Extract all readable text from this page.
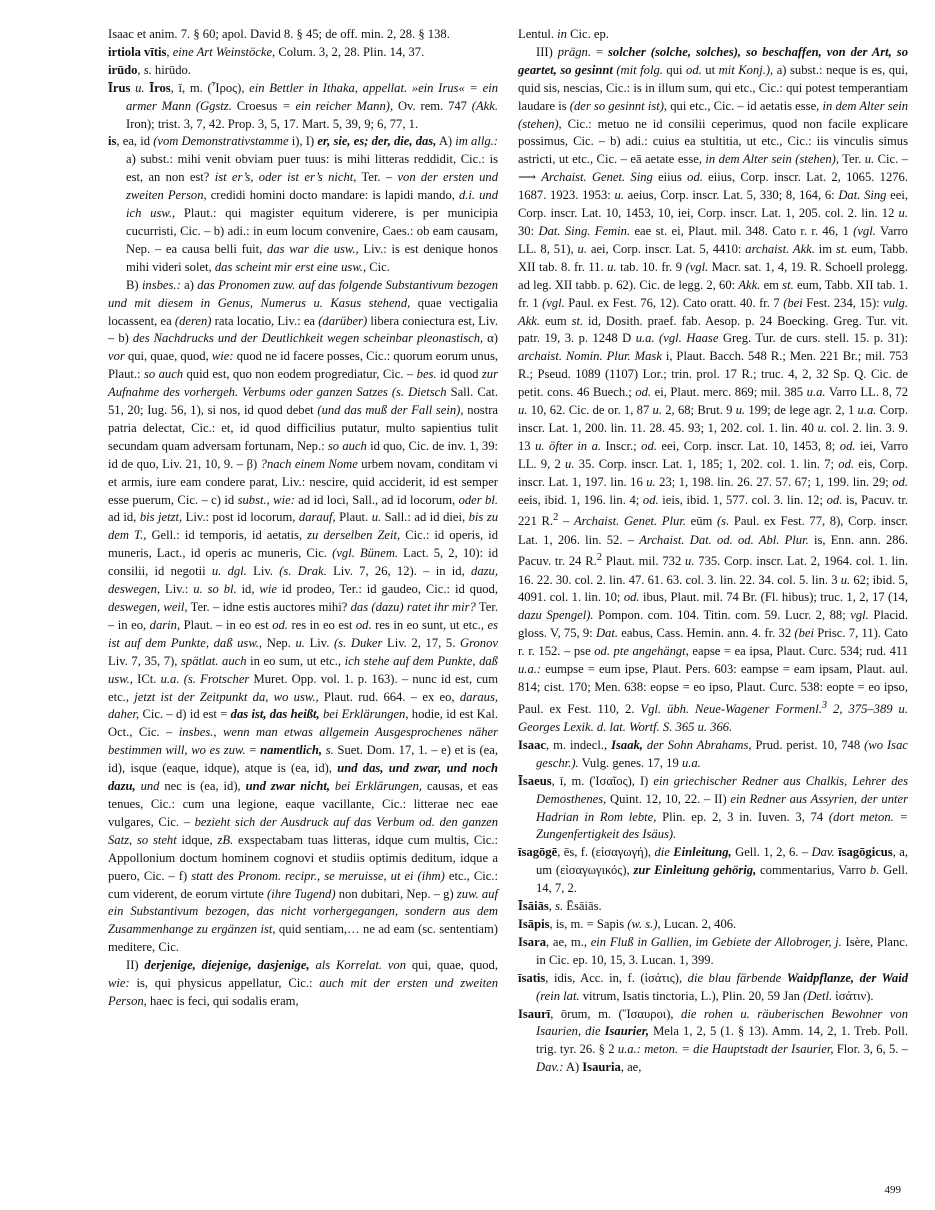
Isaac et anim. 7. § 60; apol. David 8. § 45; de off. min. 2, 28. § 138.

irtiola vītis, eine Art Weinstöcke, Colum. 3, 2, 28. Plin. 14, 37.

irūdo, s. hirūdo.

Īrus u. Īros, ī, m. (Ἶρος), ein Bettler in Ithaka, appellat. »ein Irus« = ein armer Mann (Ggstz. Croesus = ein reicher Mann), Ov. rem. 747 (Akk. Iron); trist. 3, 7, 42. Prop. 3, 5, 17. Mart. 5, 39, 9; 6, 77, 1.

is, ea, id (vom Demonstrativstamme i), I) er, sie, es; der, die, das, A) im allg.: a) subst.: mihi venit obviam puer tuus: is mihi litteras reddidit, Cic.: is est, an non est? ist er’s, oder ist er’s nicht, Ter. – von der ersten und zweiten Person, credidi homini docto mandare: is lapidi mando, d.i. und ich usw., Plaut.: qui magister equitum viderere, is per municipia cucurristi, Cic. – b) adi.: in eum locum convenire, Caes.: ob eam causam, Nep. – ea causa belli fuit, das war die usw., Liv.: is est denique honos mihi videri solet, das scheint mir erst eine usw., Cic.

B) insbes.: a) das Pronomen zuw. auf das folgende Substantivum bezogen und mit diesem in Genus, Numerus u. Kasus stehend, quae vectigalia locassent, ea (deren) rata locatio, Liv.: ea (darüber) libera coniectura est, Liv. – b) des Nachdrucks und der Deutlichkeit wegen scheinbar pleonastisch, α) vor qui, quae, quod, wie: quod ne id facere posses, Cic.: quorum eorum unus, Plaut.: so auch quid est, quo non eodem progrediatur, Cic. – bes. id quod zur Aufnahme des vorhergeh. Verbums oder ganzen Satzes (s. Dietsch Sall. Cat. 51, 20; Iug. 56, 1), si nos, id quod debet (und das muß der Fall sein), nostra patria delectat, Cic.: et, id quod difficilius putatur, multo sapientius tulit secundam quam adversam fortunam, Nep.: so auch id quo, Cic. de inv. 1, 39: id de quo, Liv. 21, 10, 9. – β) ?nach einem Nome urbem novam, conditam vi et armis, iure eam condere parat, Liv.: nescire, quid acciderit, id est semper esse puerum, Cic. – c) id subst., wie: ad id loci, Sall., ad id locorum, oder bl. ad id, bis jetzt, Liv.: post id locorum, darauf, Plaut. u. Sall.: ad id diei, bis zu dem T., Gell.: id temporis, id aetatis, zu derselben Zeit, Cic.: id operis, id muneris, Lact., id operis ac muneris, Cic. (vgl. Bünem. Lact. 5, 2, 10): id consilii, id negotii u. dgl. Liv. (s. Drak. Liv. 7, 26, 12). – in id, dazu, deswegen, Liv.: u. so bl. id, wie id prodeo, Ter.: id gaudeo, Cic.: id quod, deswegen, weil, Ter. – idne estis auctores mihi? das (dazu) ratet ihr mir? Ter. – in eo, darin, Plaut. – in eo est od. res in eo est od. res in eo sunt, ut etc., es ist auf dem Punkte, daß usw., Nep. u. Liv. (s. Duker Liv. 2, 17, 5. Gronov Liv. 7, 35, 7), spätlat. auch in eo sum, ut etc., ich stehe auf dem Punkte, daß usw., ICt. u.a. (s. Frotscher Muret. Opp. vol. 1. p. 163). – nunc id est, cum etc., jetzt ist der Zeitpunkt da, wo usw., Plaut. rud. 664. – ex eo, daraus, daher, Cic. – d) id est = das ist, das heißt, bei Erklärungen, hodie, id est Kal. Oct., Cic. – insbes., wenn man etwas allgemein Ausgesprochenes näher bestimmen will, wo es zuw. = namentlich, s. Suet. Dom. 17, 1. – e) et is (ea, id), isque (eaque, idque), atque is (ea, id), und das, und zwar, und noch dazu, und nec is (ea, id), und zwar nicht, bei Erklärungen, causas, et eas tenues, Cic.: cum una legione, eaque vacillante, Cic.: litterae nec eae vulgares, Cic. – bezieht sich der Ausdruck auf das Verbum od. den ganzen Satz, so steht idque, zB. exspectabam tuas litteras, idque cum multis, Cic.: Appollonium doctum hominem cognovi et studiis optimis deditum, idque a puero, Cic. – f) statt des Pronom. recipr., se meruisse, ut ei (ihm) etc., Cic.: cum viderent, de eorum virtute (ihre Tugend) non dubitari, Nep. – g) zuw. auf ein Substantivum bezogen, das nicht vorhergegangen, sondern aus dem Zusammenhange zu ergänzen ist, quid sentiam,… ne ad eam (sc. sententiam) meditere, Cic.

II) derjenige, diejenige, dasjenige, als Korrelat. von qui, quae, quod, wie: is, qui physicus appellatur, Cic.: auch mit der ersten und zweiten Person, haec is feci, qui sodalis eram,

Lentul. in Cic. ep.

III) prägn. = solcher (solche, solches), so beschaffen, von der Art, so geartet, so gesinnt (mit folg. qui od. ut mit Konj.), a) subst.: neque is es, qui, quid sis, nescias, Cic.: is in illum sum, qui etc., Cic.: qui potest temperantiam laudare is (der so gesinnt ist), qui etc., Cic. – id aetatis esse, in dem Alter sein (stehen), Cic.: metuo ne id consilii ceperimus, quod non facile explicare possimus, Cic. – b) adi.: cuius ea stultitia, ut etc., Cic.: iis vinculis simus astricti, ut etc., Cic. – eā aetate esse, in dem Alter sein (stehen), Ter. u. Cic. – ⟶ Archaist. Genet. Sing eiius od. eiius, Corp. inscr. Lat. 2, 1065. 1276. 1687. 1923. 1953: u. aeius, Corp. inscr. Lat. 5, 330; 8, 164, 6: Dat. Sing eei, Corp. inscr. Lat. 10, 1453, 10, iei, Corp. inscr. Lat. 1, 205. col. 2. lin. 12 u. 30: Dat. Sing. Femin. eae st. ei, Plaut. mil. 348. Cato r. r. 46, 1 (vgl. Varro LL. 8, 51), u. aei, Corp. inscr. Lat. 5, 4410: archaist. Akk. im st. eum, Tabb. XII tab. 8. fr. 11. u. tab. 10. fr. 9 (vgl. Macr. sat. 1, 4, 19. R. Schoell prolegg. ad leg. XII tabb. p. 62). Cic. de legg. 2, 60: Akk. em st. eum, Tabb. XII tab. 1. fr. 1 (vgl. Paul. ex Fest. 76, 12). Cato oratt. 40. fr. 7 (bei Fest. 234, 15): vulg. Akk. eum st. id, Dosith. praef. fab. Aesop. p. 24 Boecking. Greg. Tur. vit. patr. 19, 3. p. 1248 D u.a. (vgl. Haase Greg. Tur. de curs. stell. 15. p. 31): archaist. Nomin. Plur. Mask i, Plaut. Bacch. 548 R.; Men. 221 Br.; mil. 753 R.; Pseud. 1089 (1107) Lor.; trin. prol. 17 R.; truc. 4, 2, 32 Sp. Q. Cic. de petit. cons. 46 Buech.; od. ei, Plaut. merc. 869; mil. 385 u.a. Varro LL. 8, 72 u. 10, 62. Cic. de or. 1, 87 u. 2, 68; Brut. 9 u. 199; de lege agr. 2, 1 u.a. Corp. inscr. Lat. 1, 200. lin. 11. 28. 45. 93; 1, 202. col. 1. lin. 40 u. col. 2. lin. 3. 9. 13 u. öfter in a. Inscr.; od. eei, Corp. inscr. Lat. 10, 1453, 8; od. iei, Varro LL. 9, 2 u. 35. Corp. inscr. Lat. 1, 185; 1, 202. col. 1. lin. 7; od. eis, Corp. inscr. Lat. 1, 197. lin. 16 u. 23; 1, 198. lin. 26. 27. 57. 67; 1, 199. lin. 29; od. eeis, ibid. 1, 196. lin. 4; od. ieis, ibid. 1, 577. col. 3. lin. 12; od. is, Pacuv. tr. 221 R.$^2$ – Archaist. Genet. Plur. eūm (s. Paul. ex Fest. 77, 8), Corp. inscr. Lat. 1, 206. lin. 52. – Archaist. Dat. od. od. Abl. Plur. is, Enn. ann. 286. Pacuv. tr. 24 R.$^2$ Plaut. mil. 732 u. 735. Corp. inscr. Lat. 2, 1964. col. 1. lin. 16. 22. 30. col. 2. lin. 47. 61. 63. col. 3. lin. 22. 34. col. 5. lin. 3 u. 62; ibid. 5, 4091. col. 1. lin. 10; od. ibus, Plaut. mil. 74 Br. (Fl. hibus); truc. 1, 2, 17 (14, dazu Spengel). Pompon. com. 104. Titin. com. 59. Lucr. 2, 88; vgl. Placid. gloss. V, 75, 9: Dat. eabus, Cass. Hemin. ann. 4. fr. 32 (bei Prisc. 7, 11). Cato r. r. 152. – pse od. pte angehängt, eapse = ea ipsa, Plaut. Curc. 534; rud. 411 u.a.: eumpse = eum ipse, Plaut. Pers. 603: eampse = eam ipsam, Plaut. aul. 814; cist. 170; Men. 638: eopse = eo ipso, Plaut. Curc. 538: eopte = eo ipso, Paul. ex Fest. 110, 2. Vgl. übh. Neue-Wagener Formenl.$^3$ 2, 375–389 u. Georges Lexik. d. lat. Wortf. S. 365 u. 366.

Isaac, m. indecl., Isaak, der Sohn Abrahams, Prud. perist. 10, 748 (wo Isac geschr.). Vulg. genes. 17, 19 u.a.

Īsaeus, ī, m. (Ἰσαῖος), I) ein griechischer Redner aus Chalkis, Lehrer des Demosthenes, Quint. 12, 10, 22. – II) ein Redner aus Assyrien, der unter Hadrian in Rom lebte, Plin. ep. 2, 3 in. Iuven. 3, 74 (dort meton. = Zungenfertigkeit des Isäus).

īsagōgē, ēs, f. (εἰσαγωγή), die Einleitung, Gell. 1, 2, 6. – Dav. īsagōgicus, a, um (εἰσαγωγικός), zur Einleitung gehörig, commentarius, Varro b. Gell. 14, 7, 2.

Īsāiās, s. Ēsāiās.

Isāpis, is, m. = Sapis (w. s.), Lucan. 2, 406.

Isara, ae, m., ein Fluß in Gallien, im Gebiete der Allobroger, j. Isère, Planc. in Cic. ep. 10, 15, 3. Lucan. 1, 399.

īsatis, idis, Acc. in, f. (ἰσάτις), die blau färbende Waidpflanze, der Waid (rein lat. vitrum, Isatis tinctoria, L.), Plin. 20, 59 Jan (Detl. ἰσάτιν).

Isaurī, ōrum, m. (Ἴσαυροι), die rohen u. räuberischen Bewohner von Isaurien, die Isaurier, Mela 1, 2, 5 (1. § 13). Amm. 14, 2, 1. Treb. Poll. trig. tyr. 26. § 2 u.a.: meton. = die Hauptstadt der Isaurier, Flor. 3, 6, 5. – Dav.: A) Isauria, ae,

499
